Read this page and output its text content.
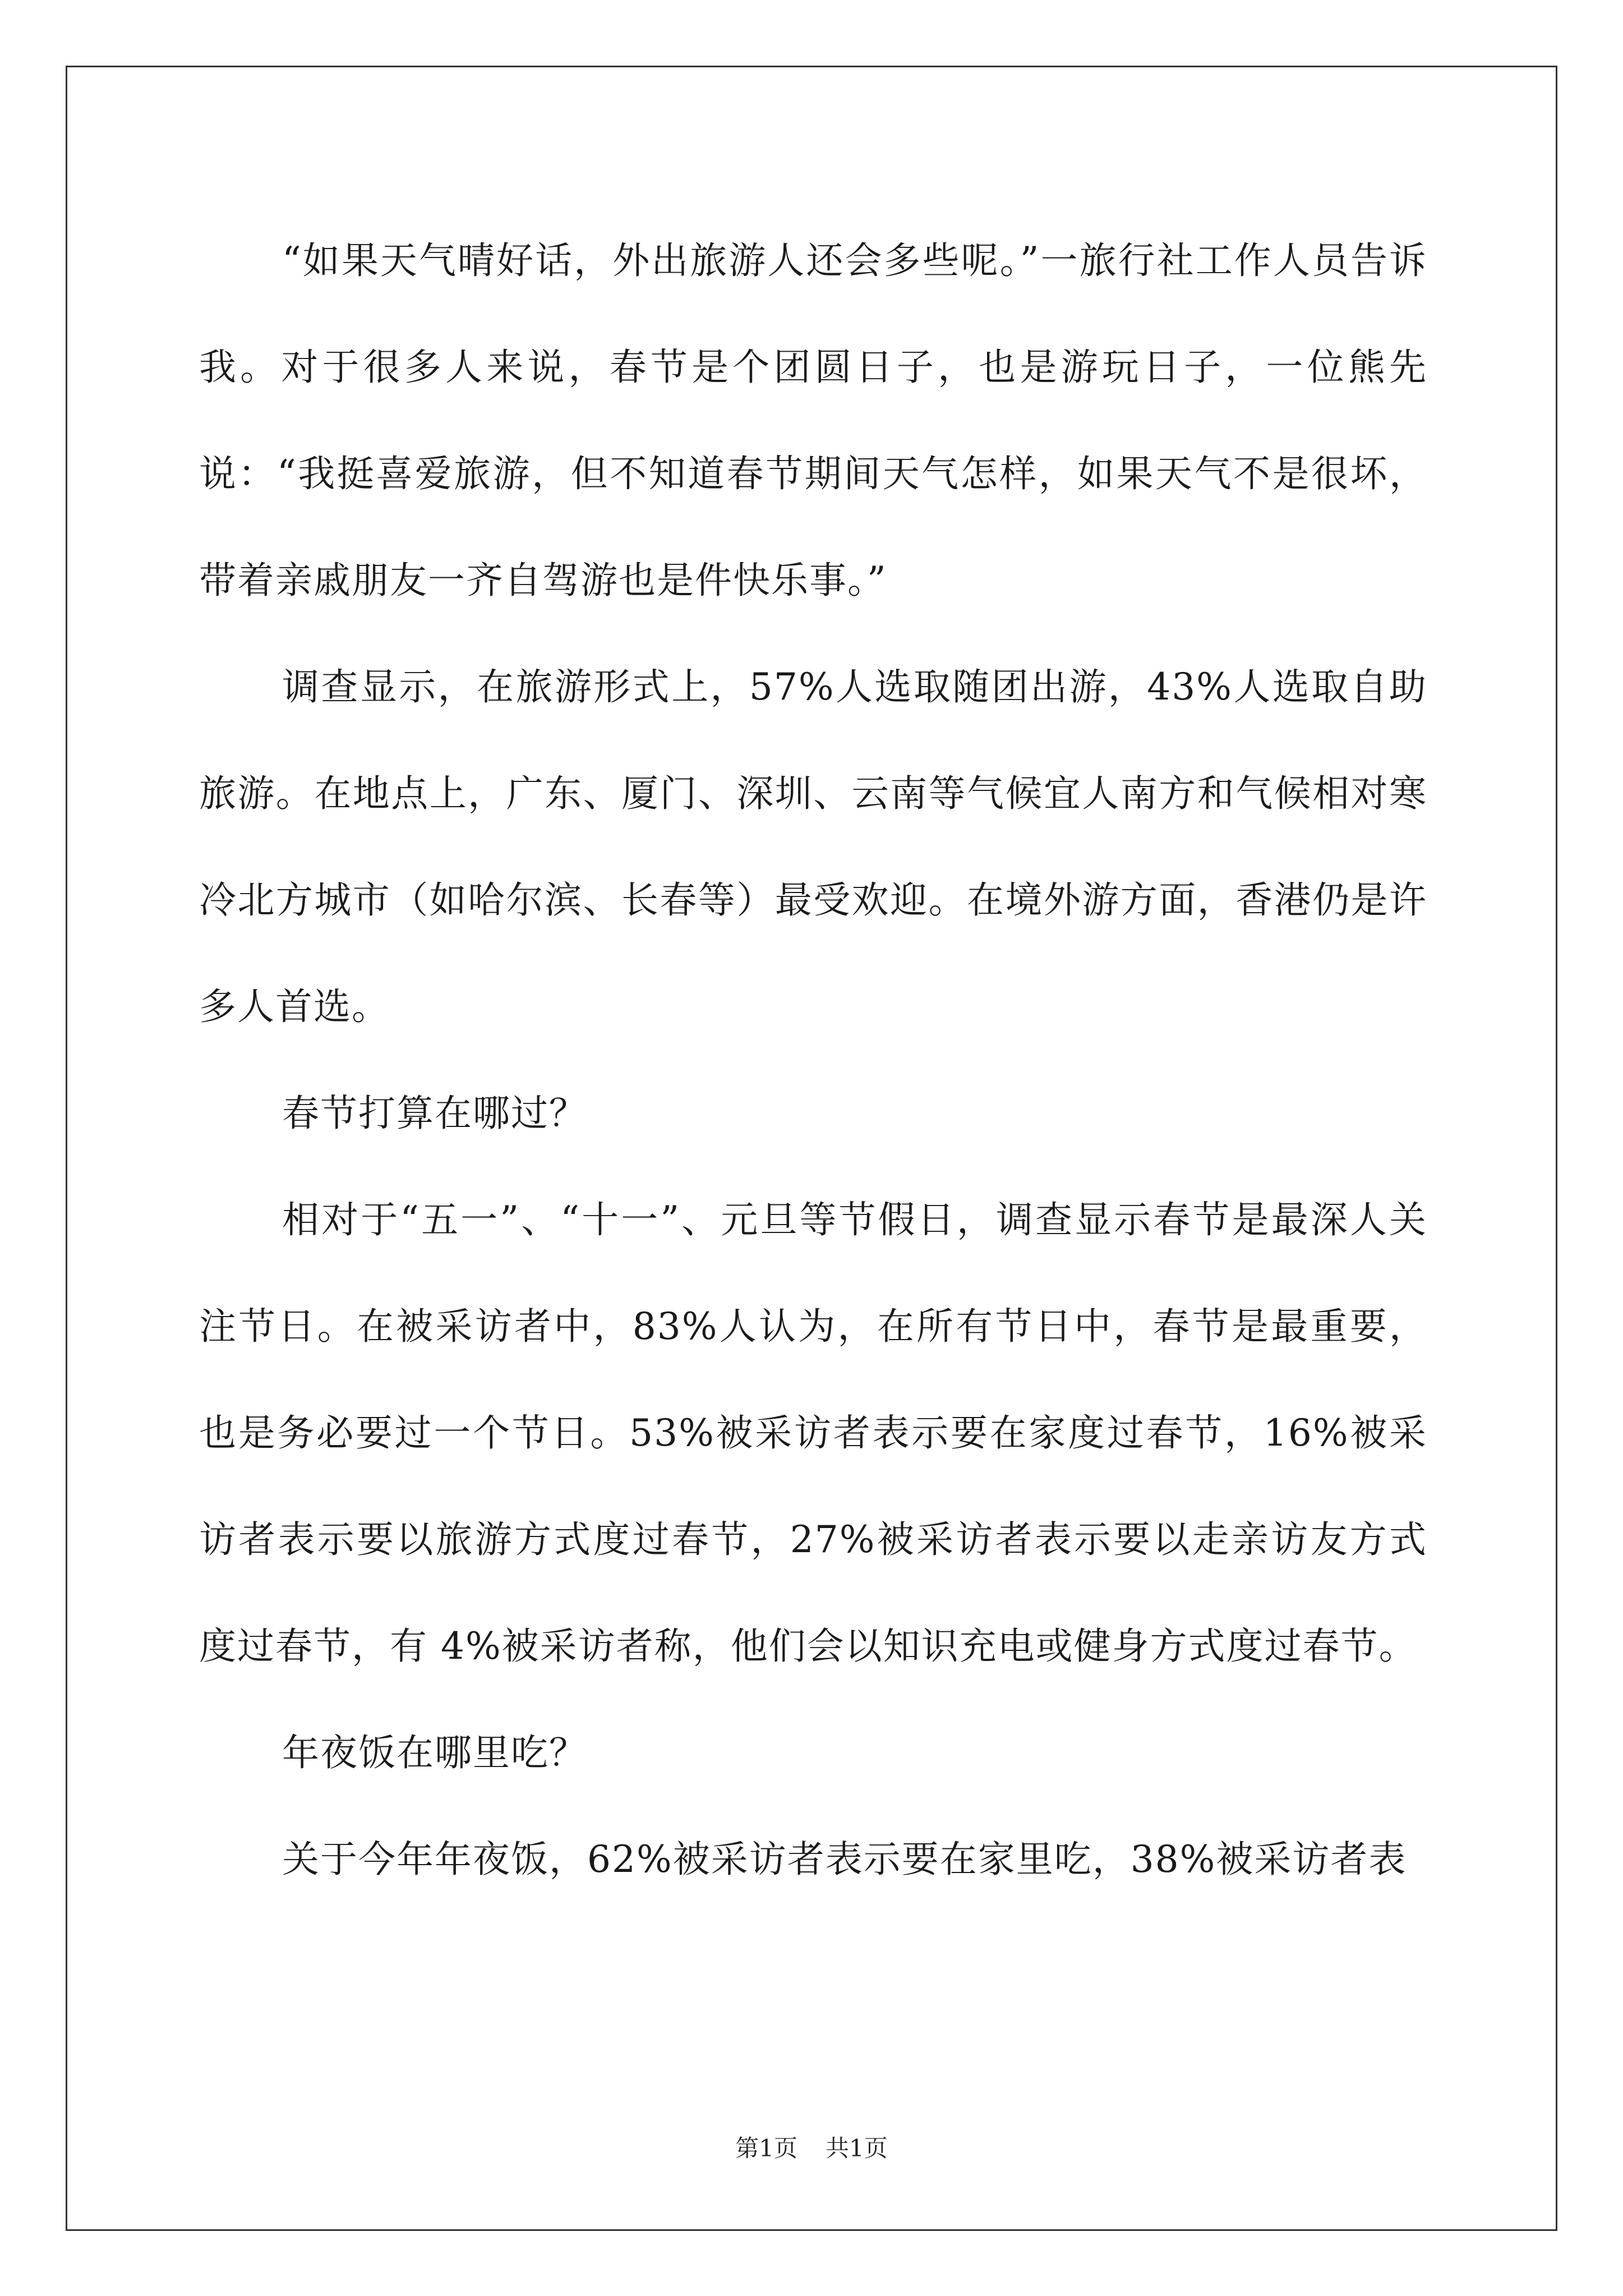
“如果天气晴好话，外出旅游人还会多些呢。”一旅行社工作人员告诉我。对于很多人来说，春节是个团圆日子，也是游玩日子，一位熊先说：“我挺喜爱旅游，但不知道春节期间天气怎样，如果天气不是很坏，带着亲戚朋友一齐自驾游也是件快乐事。”

调查显示，在旅游形式上，57%人选取随团出游，43%人选取自助旅游。在地点上，广东、厦门、深圳、云南等气候宜人南方和气候相对寒冷北方城市（如哈尔滨、长春等）最受欢迎。在境外游方面，香港仍是许多人首选。

春节打算在哪过？

相对于“五一”、“十一”、元旦等节假日，调查显示春节是最深人关注节日。在被采访者中，83%人认为，在所有节日中，春节是最重要，也是务必要过一个节日。53%被采访者表示要在家度过春节，16%被采访者表示要以旅游方式度过春节，27%被采访者表示要以走亲访友方式度过春节，有 4%被采访者称，他们会以知识充电或健身方式度过春节。

年夜饭在哪里吃？

关于今年年夜饭，62%被采访者表示要在家里吃，38%被采访者表

第1页 共1页
